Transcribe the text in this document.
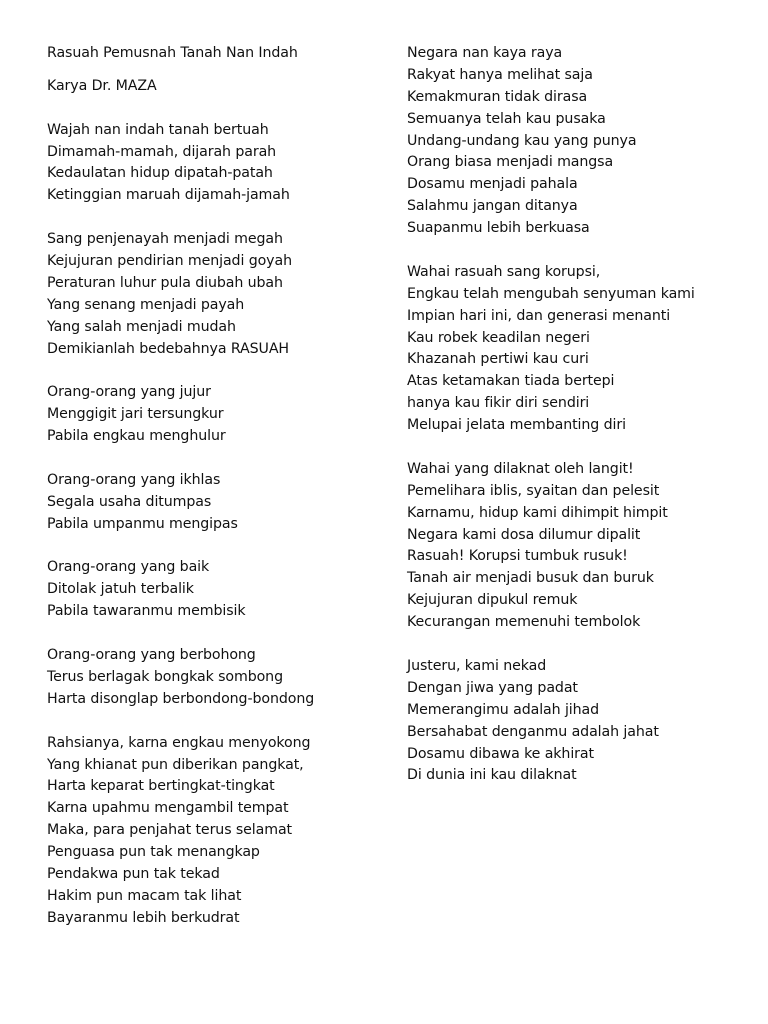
Rasuah Pemusnah Tanah Nan Indah
Karya Dr. MAZA
Wajah nan indah tanah bertuah
Dimamah-mamah, dijarah parah
Kedaulatan hidup dipatah-patah
Ketinggian maruah dijamah-jamah
Sang penjenayah menjadi megah
Kejujuran pendirian menjadi goyah
Peraturan luhur pula diubah ubah
Yang senang menjadi payah
Yang salah menjadi mudah
Demikianlah bedebahnya RASUAH
Orang-orang yang jujur
Menggigit jari tersungkur
Pabila engkau menghulur
Orang-orang yang ikhlas
Segala usaha ditumpas
Pabila umpanmu mengipas
Orang-orang yang baik
Ditolak jatuh terbalik
Pabila tawaranmu membisik
Orang-orang yang berbohong
Terus berlagak bongkak sombong
Harta disonglap berbondong-bondong
Rahsianya, karna engkau menyokong
Yang khianat pun diberikan pangkat,
Harta keparat bertingkat-tingkat
Karna upahmu mengambil tempat
Maka, para penjahat terus selamat
Penguasa pun tak menangkap
Pendakwa pun tak tekad
Hakim pun macam tak lihat
Bayaranmu lebih berkudrat
Negara nan kaya raya
Rakyat hanya melihat saja
Kemakmuran tidak dirasa
Semuanya telah kau pusaka
Undang-undang kau yang punya
Orang biasa menjadi mangsa
Dosamu menjadi pahala
Salahmu jangan ditanya
Suapanmu lebih berkuasa
Wahai rasuah sang korupsi,
Engkau telah mengubah senyuman kami
Impian hari ini, dan generasi menanti
Kau robek keadilan negeri
Khazanah pertiwi kau curi
Atas ketamakan tiada bertepi
hanya kau fikir diri sendiri
Melupai jelata membanting diri
Wahai yang dilaknat oleh langit!
Pemelihara iblis, syaitan dan pelesit
Karnamu, hidup kami dihimpit himpit
Negara kami dosa dilumur dipalit
Rasuah! Korupsi tumbuk rusuk!
Tanah air menjadi busuk dan buruk
Kejujuran dipukul remuk
Kecurangan memenuhi tembolok
Justeru, kami nekad
Dengan jiwa yang padat
Memerangimu adalah jihad
Bersahabat denganmu adalah jahat
Dosamu dibawa ke akhirat
Di dunia ini kau dilaknat
